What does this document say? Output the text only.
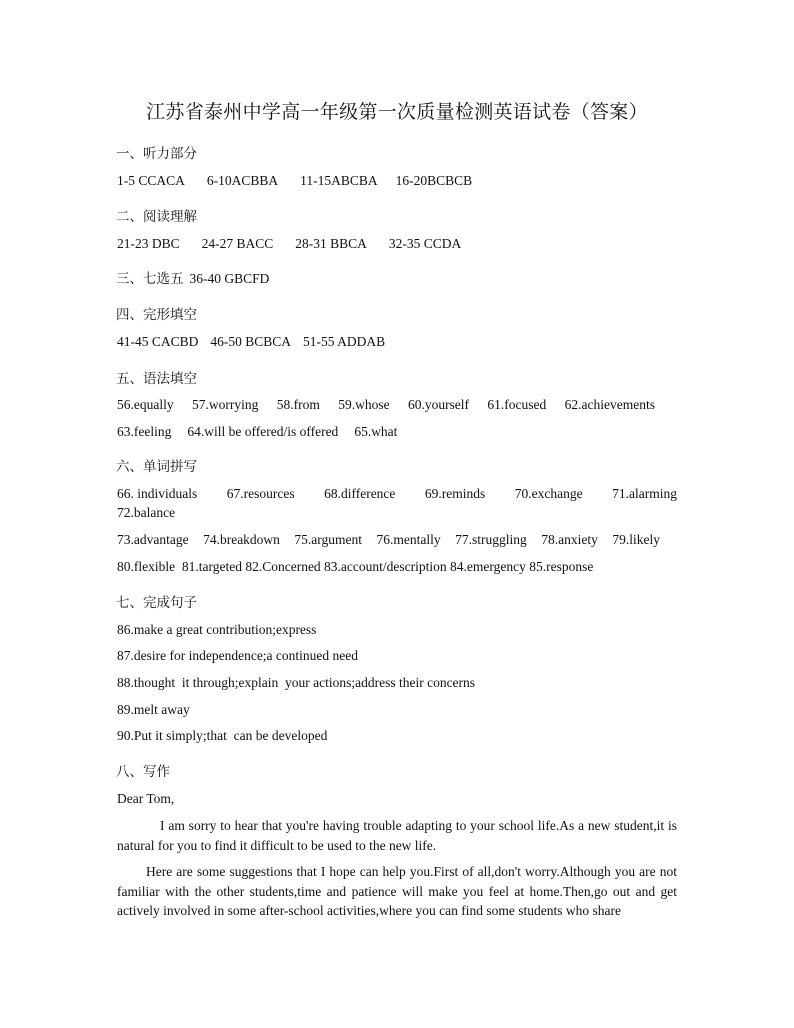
江苏省泰州中学高一年级第一次质量检测英语试卷（答案）
一、听力部分
1-5 CCACA 6-10ACBBA 11-15ABCBA 16-20BCBCB
二、阅读理解
21-23 DBC 24-27 BACC 28-31 BBCA 32-35 CCDA
三、七选五 36-40 GBCFD
四、完形填空
41-45 CACBD 46-50 BCBCA 51-55 ADDAB
五、语法填空
56.equally 57.worrying 58.from 59.whose 60.yourself 61.focused 62.achievements
63.feeling 64.will be offered/is offered 65.what
六、单词拼写
66. individuals 67.resources 68.difference 69.reminds 70.exchange 71.alarming
72.balance
73.advantage 74.breakdown 75.argument 76.mentally 77.struggling 78.anxiety 79.likely
80.flexible  81.targeted 82.Concerned 83.account/description 84.emergency 85.response
七、完成句子
86.make a great contribution;express
87.desire for independence;a continued need
88.thought  it through;explain  your actions;address their concerns
89.melt away
90.Put it simply;that  can be developed
八、写作
Dear Tom,
I am sorry to hear that you're having trouble adapting to your school life.As a new student,it is natural for you to find it difficult to be used to the new life.
Here are some suggestions that I hope can help you.First of all,don't worry.Although you are not familiar with the other students,time and patience will make you feel at home.Then,go out and get actively involved in some after-school activities,where you can find some students who share
